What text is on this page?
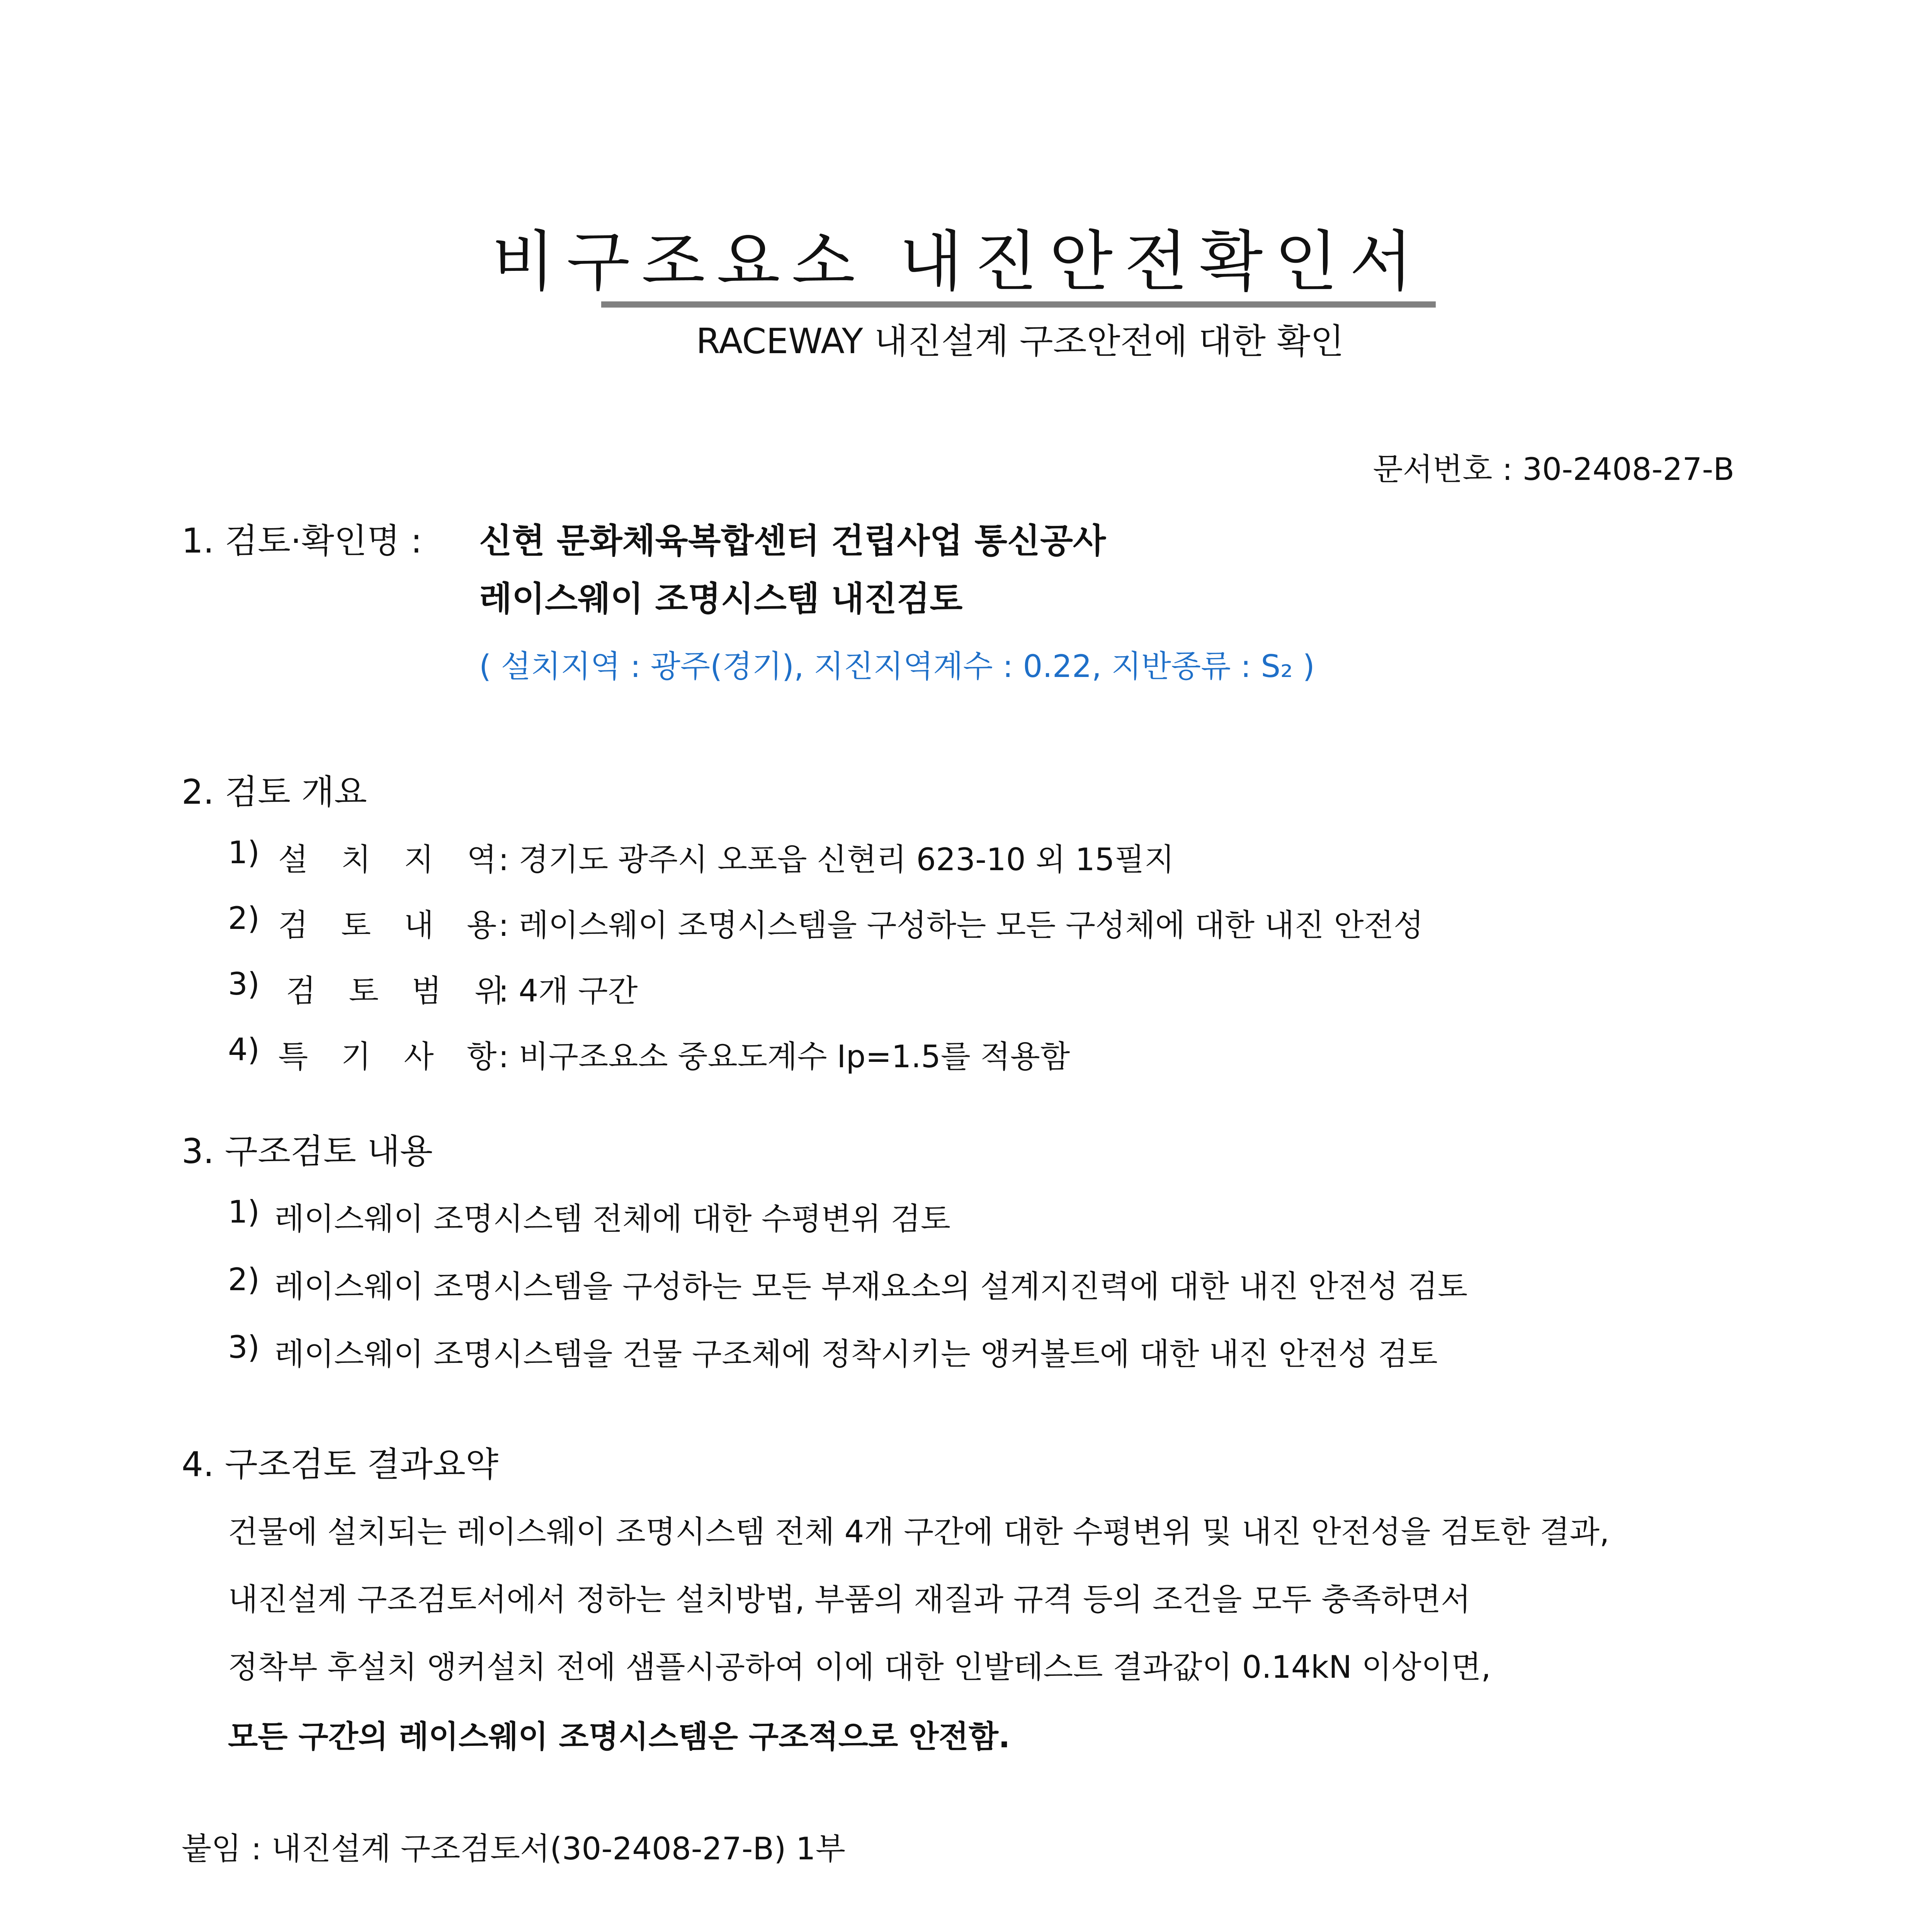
비구조요소 내진안전확인서
RACEWAY 내진설계 구조안전에 대한 확인
문서번호 : 30-2408-27-B
1. 검토·확인명 : 신현 문화체육복합센터 건립사업 통신공사
레이스웨이 조명시스템 내진검토
( 설치지역 : 광주(경기), 지진지역계수 : 0.22, 지반종류 : S₂ )
2. 검토 개요
1) 설 치 지 역
: 경기도 광주시 오포읍 신현리 623-10 외 15필지
2) 검 토 내 용
: 레이스웨이 조명시스템을 구성하는 모든 구성체에 대한 내진 안전성
3) 검 토 범 위
: 4개 구간
4) 특 기 사 항
: 비구조요소 중요도계수 Ip=1.5를 적용함
3. 구조검토 내용
1) 레이스웨이 조명시스템 전체에 대한 수평변위 검토
2) 레이스웨이 조명시스템을 구성하는 모든 부재요소의 설계지진력에 대한 내진 안전성 검토
3) 레이스웨이 조명시스템을 건물 구조체에 정착시키는 앵커볼트에 대한 내진 안전성 검토
4. 구조검토 결과요약
건물에 설치되는 레이스웨이 조명시스템 전체 4개 구간에 대한 수평변위 및 내진 안전성을 검토한 결과,
내진설계 구조검토서에서 정하는 설치방법, 부품의 재질과 규격 등의 조건을 모두 충족하면서
정착부 후설치 앵커설치 전에 샘플시공하여 이에 대한 인발테스트 결과값이 0.14kN 이상이면,
모든 구간의 레이스웨이 조명시스템은 구조적으로 안전함.
붙임 : 내진설계 구조검토서(30-2408-27-B) 1부
